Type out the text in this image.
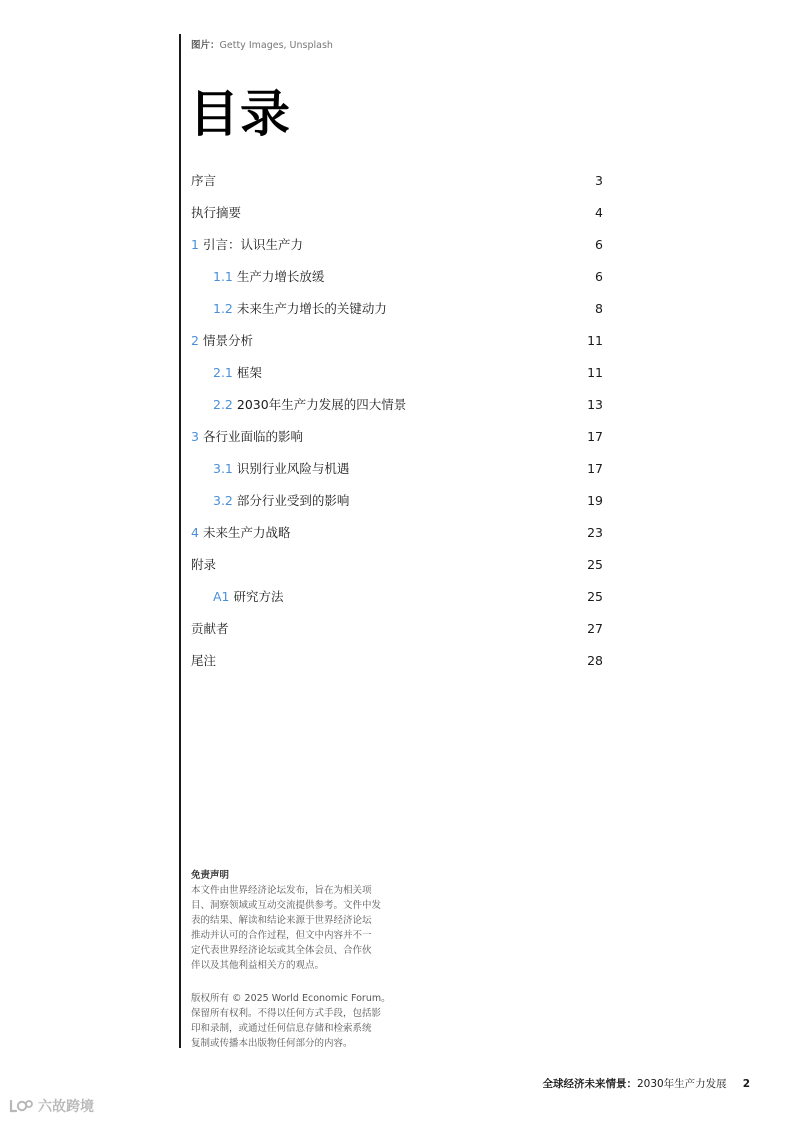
图片：Getty Images, Unsplash
目录
序言	3
执行摘要	4
1 引言：认识生产力	6
1.1 生产力增长放缓	6
1.2 未来生产力增长的关键动力	8
2 情景分析	11
2.1 框架	11
2.2 2030年生产力发展的四大情景	13
3 各行业面临的影响	17
3.1 识别行业风险与机遇	17
3.2 部分行业受到的影响	19
4 未来生产力战略	23
附录	25
A1 研究方法	25
贡献者	27
尾注	28
免责声明
本文件由世界经济论坛发布，旨在为相关项
目、洞察领域或互动交流提供参考。文件中发
表的结果、解读和结论来源于世界经济论坛
推动并认可的合作过程，但文中内容并不一
定代表世界经济论坛或其全体会员、合作伙
伴以及其他利益相关方的观点。
版权所有 © 2025 World Economic Forum。
保留所有权利。不得以任何方式手段，包括影
印和录制，或通过任何信息存储和检索系统
复制或传播本出版物任何部分的内容。
全球经济未来情景： 2030年生产力发展 2
六故跨境
